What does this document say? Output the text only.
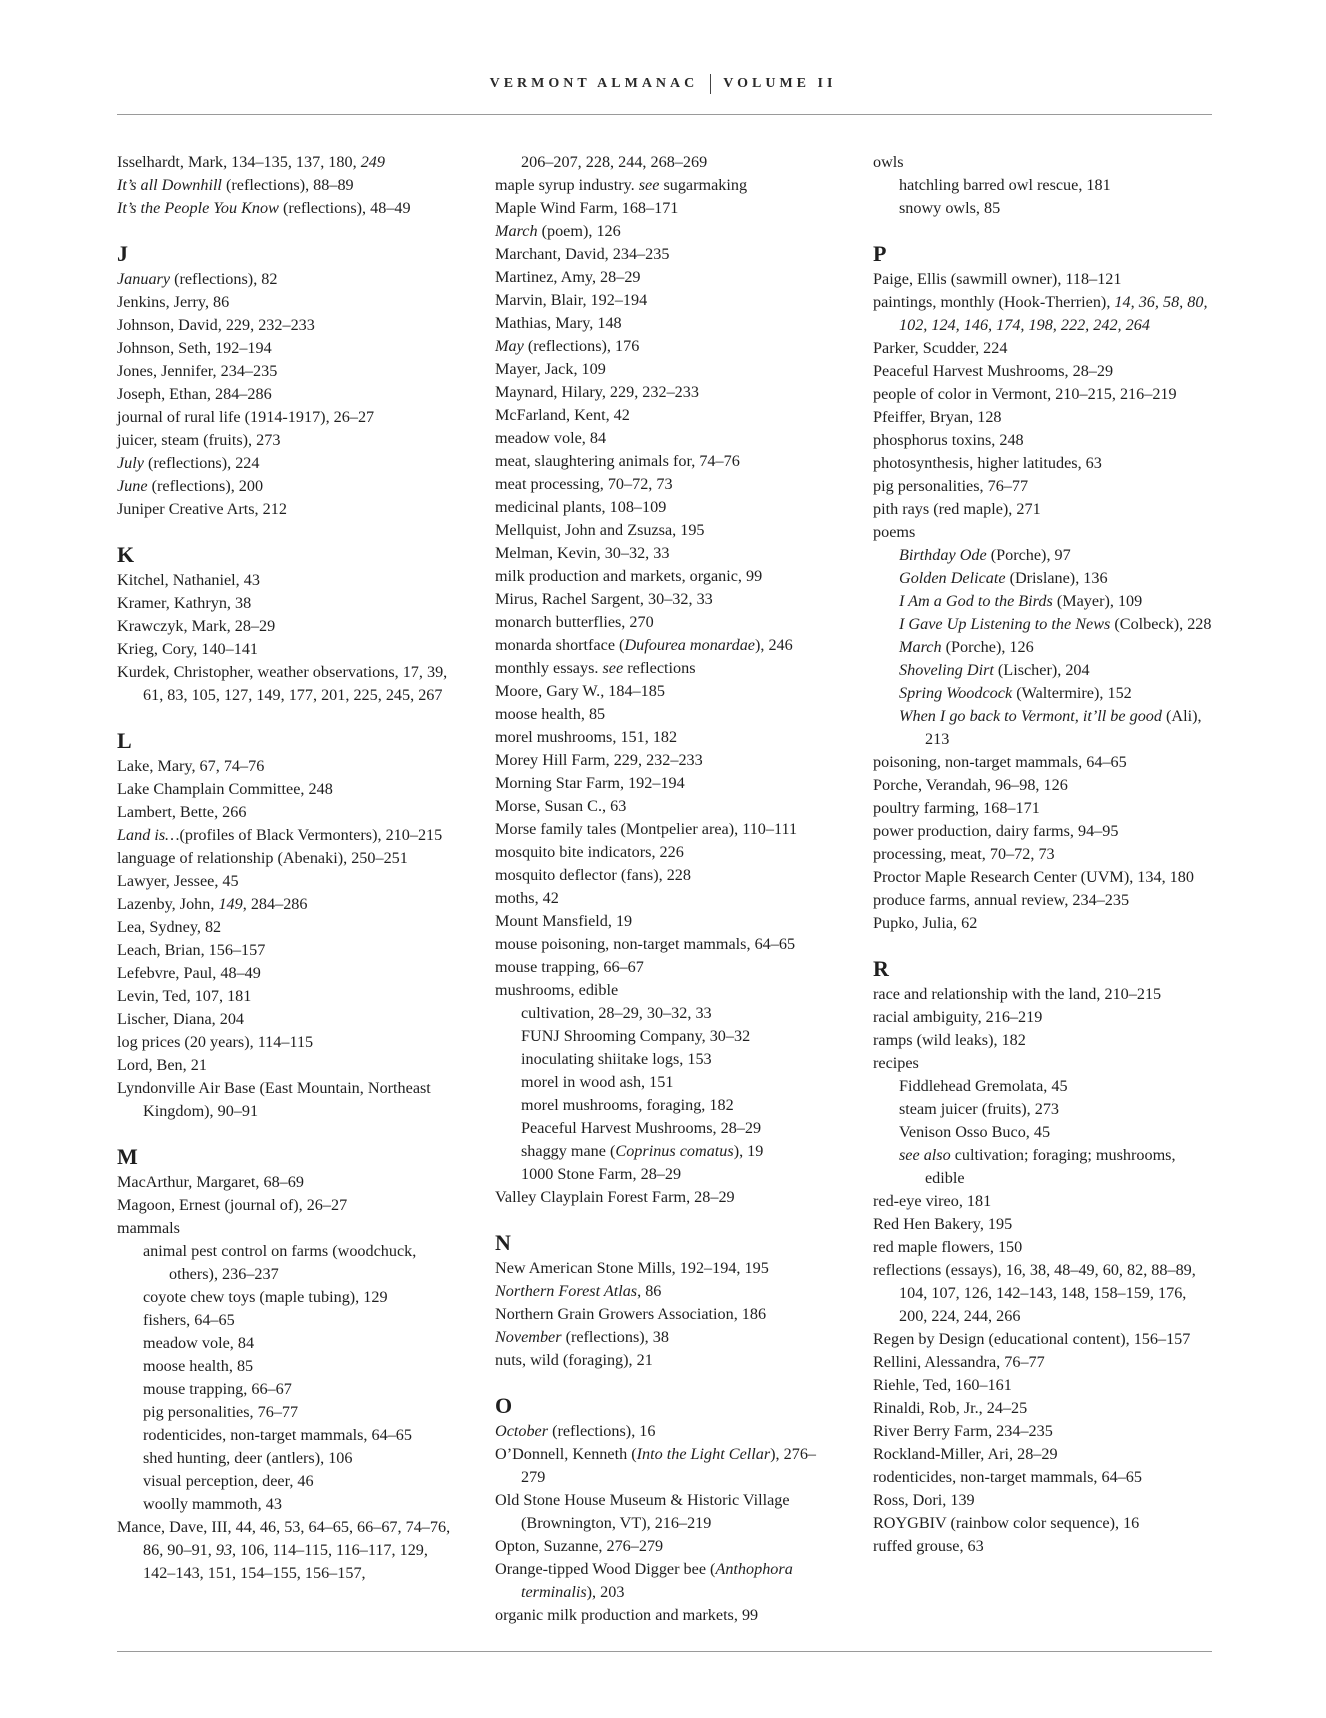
VERMONT ALMANAC VOLUME II

Isselhardt, Mark, 134–135, 137, 180, 249

It’s all Downhill (reflections), 88–89

It’s the People You Know (reflections), 48–49

J

January (reflections), 82

Jenkins, Jerry, 86

Johnson, David, 229, 232–233

Johnson, Seth, 192–194

Jones, Jennifer, 234–235

Joseph, Ethan, 284–286

journal of rural life (1914-1917), 26–27

juicer, steam (fruits), 273

July (reflections), 224

June (reflections), 200

Juniper Creative Arts, 212

K

Kitchel, Nathaniel, 43

Kramer, Kathryn, 38

Krawczyk, Mark, 28–29

Krieg, Cory, 140–141

Kurdek, Christopher, weather observations, 17, 39, 61, 83, 105, 127, 149, 177, 201, 225, 245, 267

L

Lake, Mary, 67, 74–76

Lake Champlain Committee, 248

Lambert, Bette, 266

Land is…(profiles of Black Vermonters), 210–215

language of relationship (Abenaki), 250–251

Lawyer, Jessee, 45

Lazenby, John, 149, 284–286

Lea, Sydney, 82

Leach, Brian, 156–157

Lefebvre, Paul, 48–49

Levin, Ted, 107, 181

Lischer, Diana, 204

log prices (20 years), 114–115

Lord, Ben, 21

Lyndonville Air Base (East Mountain, Northeast Kingdom), 90–91

M

MacArthur, Margaret, 68–69

Magoon, Ernest (journal of), 26–27

mammals

animal pest control on farms (woodchuck, others), 236–237

coyote chew toys (maple tubing), 129

fishers, 64–65

meadow vole, 84

moose health, 85

mouse trapping, 66–67

pig personalities, 76–77

rodenticides, non-target mammals, 64–65

shed hunting, deer (antlers), 106

visual perception, deer, 46

woolly mammoth, 43

Mance, Dave, III, 44, 46, 53, 64–65, 66–67, 74–76, 86, 90–91, 93, 106, 114–115, 116–117, 129, 142–143, 151, 154–155, 156–157,

206–207, 228, 244, 268–269

maple syrup industry. see sugarmaking

Maple Wind Farm, 168–171

March (poem), 126

Marchant, David, 234–235

Martinez, Amy, 28–29

Marvin, Blair, 192–194

Mathias, Mary, 148

May (reflections), 176

Mayer, Jack, 109

Maynard, Hilary, 229, 232–233

McFarland, Kent, 42

meadow vole, 84

meat, slaughtering animals for, 74–76

meat processing, 70–72, 73

medicinal plants, 108–109

Mellquist, John and Zsuzsa, 195

Melman, Kevin, 30–32, 33

milk production and markets, organic, 99

Mirus, Rachel Sargent, 30–32, 33

monarch butterflies, 270

monarda shortface (Dufourea monardae), 246

monthly essays. see reflections

Moore, Gary W., 184–185

moose health, 85

morel mushrooms, 151, 182

Morey Hill Farm, 229, 232–233

Morning Star Farm, 192–194

Morse, Susan C., 63

Morse family tales (Montpelier area), 110–111

mosquito bite indicators, 226

mosquito deflector (fans), 228

moths, 42

Mount Mansfield, 19

mouse poisoning, non-target mammals, 64–65

mouse trapping, 66–67

mushrooms, edible

cultivation, 28–29, 30–32, 33

FUNJ Shrooming Company, 30–32

inoculating shiitake logs, 153

morel in wood ash, 151

morel mushrooms, foraging, 182

Peaceful Harvest Mushrooms, 28–29

shaggy mane (Coprinus comatus), 19

1000 Stone Farm, 28–29

Valley Clayplain Forest Farm, 28–29

N

New American Stone Mills, 192–194, 195

Northern Forest Atlas, 86

Northern Grain Growers Association, 186

November (reflections), 38

nuts, wild (foraging), 21

O

October (reflections), 16

O’Donnell, Kenneth (Into the Light Cellar), 276–279

Old Stone House Museum & Historic Village (Brownington, VT), 216–219

Opton, Suzanne, 276–279

Orange-tipped Wood Digger bee (Anthophora terminalis), 203

organic milk production and markets, 99

owls

hatchling barred owl rescue, 181

snowy owls, 85

P

Paige, Ellis (sawmill owner), 118–121

paintings, monthly (Hook-Therrien), 14, 36, 58, 80, 102, 124, 146, 174, 198, 222, 242, 264

Parker, Scudder, 224

Peaceful Harvest Mushrooms, 28–29

people of color in Vermont, 210–215, 216–219

Pfeiffer, Bryan, 128

phosphorus toxins, 248

photosynthesis, higher latitudes, 63

pig personalities, 76–77

pith rays (red maple), 271

poems

Birthday Ode (Porche), 97

Golden Delicate (Drislane), 136

I Am a God to the Birds (Mayer), 109

I Gave Up Listening to the News (Colbeck), 228

March (Porche), 126

Shoveling Dirt (Lischer), 204

Spring Woodcock (Waltermire), 152

When I go back to Vermont, it’ll be good (Ali), 213

poisoning, non-target mammals, 64–65

Porche, Verandah, 96–98, 126

poultry farming, 168–171

power production, dairy farms, 94–95

processing, meat, 70–72, 73

Proctor Maple Research Center (UVM), 134, 180

produce farms, annual review, 234–235

Pupko, Julia, 62

R

race and relationship with the land, 210–215

racial ambiguity, 216–219

ramps (wild leaks), 182

recipes

Fiddlehead Gremolata, 45

steam juicer (fruits), 273

Venison Osso Buco, 45

see also cultivation; foraging; mushrooms, edible

red-eye vireo, 181

Red Hen Bakery, 195

red maple flowers, 150

reflections (essays), 16, 38, 48–49, 60, 82, 88–89, 104, 107, 126, 142–143, 148, 158–159, 176, 200, 224, 244, 266

Regen by Design (educational content), 156–157

Rellini, Alessandra, 76–77

Riehle, Ted, 160–161

Rinaldi, Rob, Jr., 24–25

River Berry Farm, 234–235

Rockland-Miller, Ari, 28–29

rodenticides, non-target mammals, 64–65

Ross, Dori, 139

ROYGBIV (rainbow color sequence), 16

ruffed grouse, 63
